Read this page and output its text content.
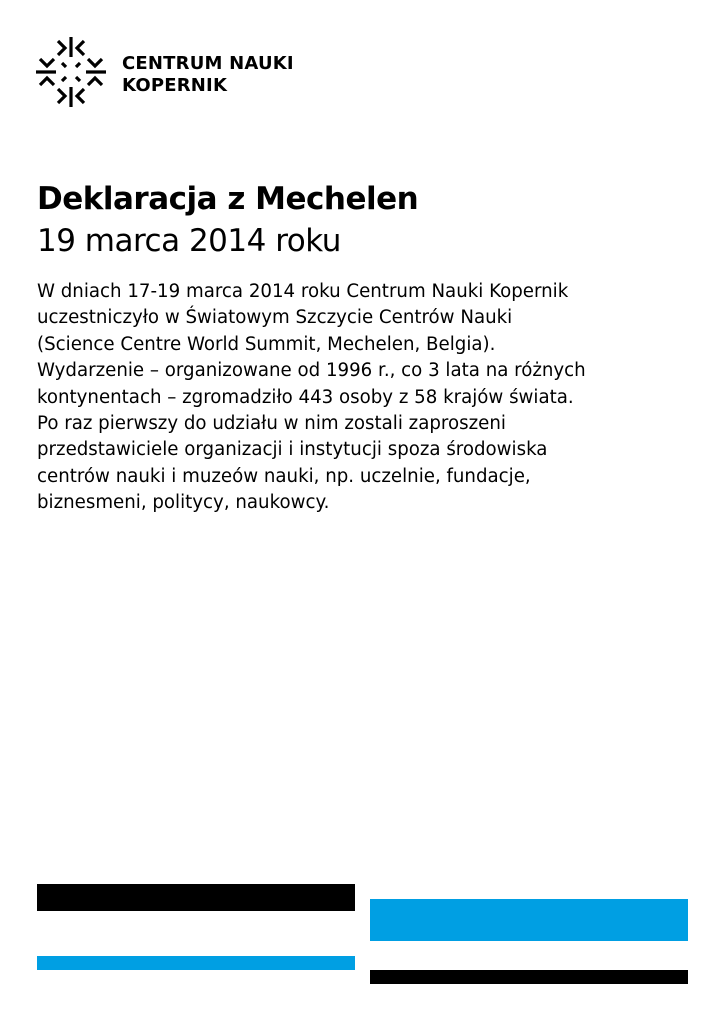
CENTRUM NAUKI
KOPERNIK
Deklaracja z Mechelen
19 marca 2014 roku
W dniach 17-19 marca 2014 roku Centrum Nauki Kopernik
uczestniczyło w Światowym Szczycie Centrów Nauki
(Science Centre World Summit, Mechelen, Belgia).
Wydarzenie – organizowane od 1996 r., co 3 lata na różnych
kontynentach – zgromadziło 443 osoby z 58 krajów świata.
Po raz pierwszy do udziału w nim zostali zaproszeni
przedstawiciele organizacji i instytucji spoza środowiska
centrów nauki i muzeów nauki, np. uczelnie, fundacje,
biznesmeni, politycy, naukowcy.
